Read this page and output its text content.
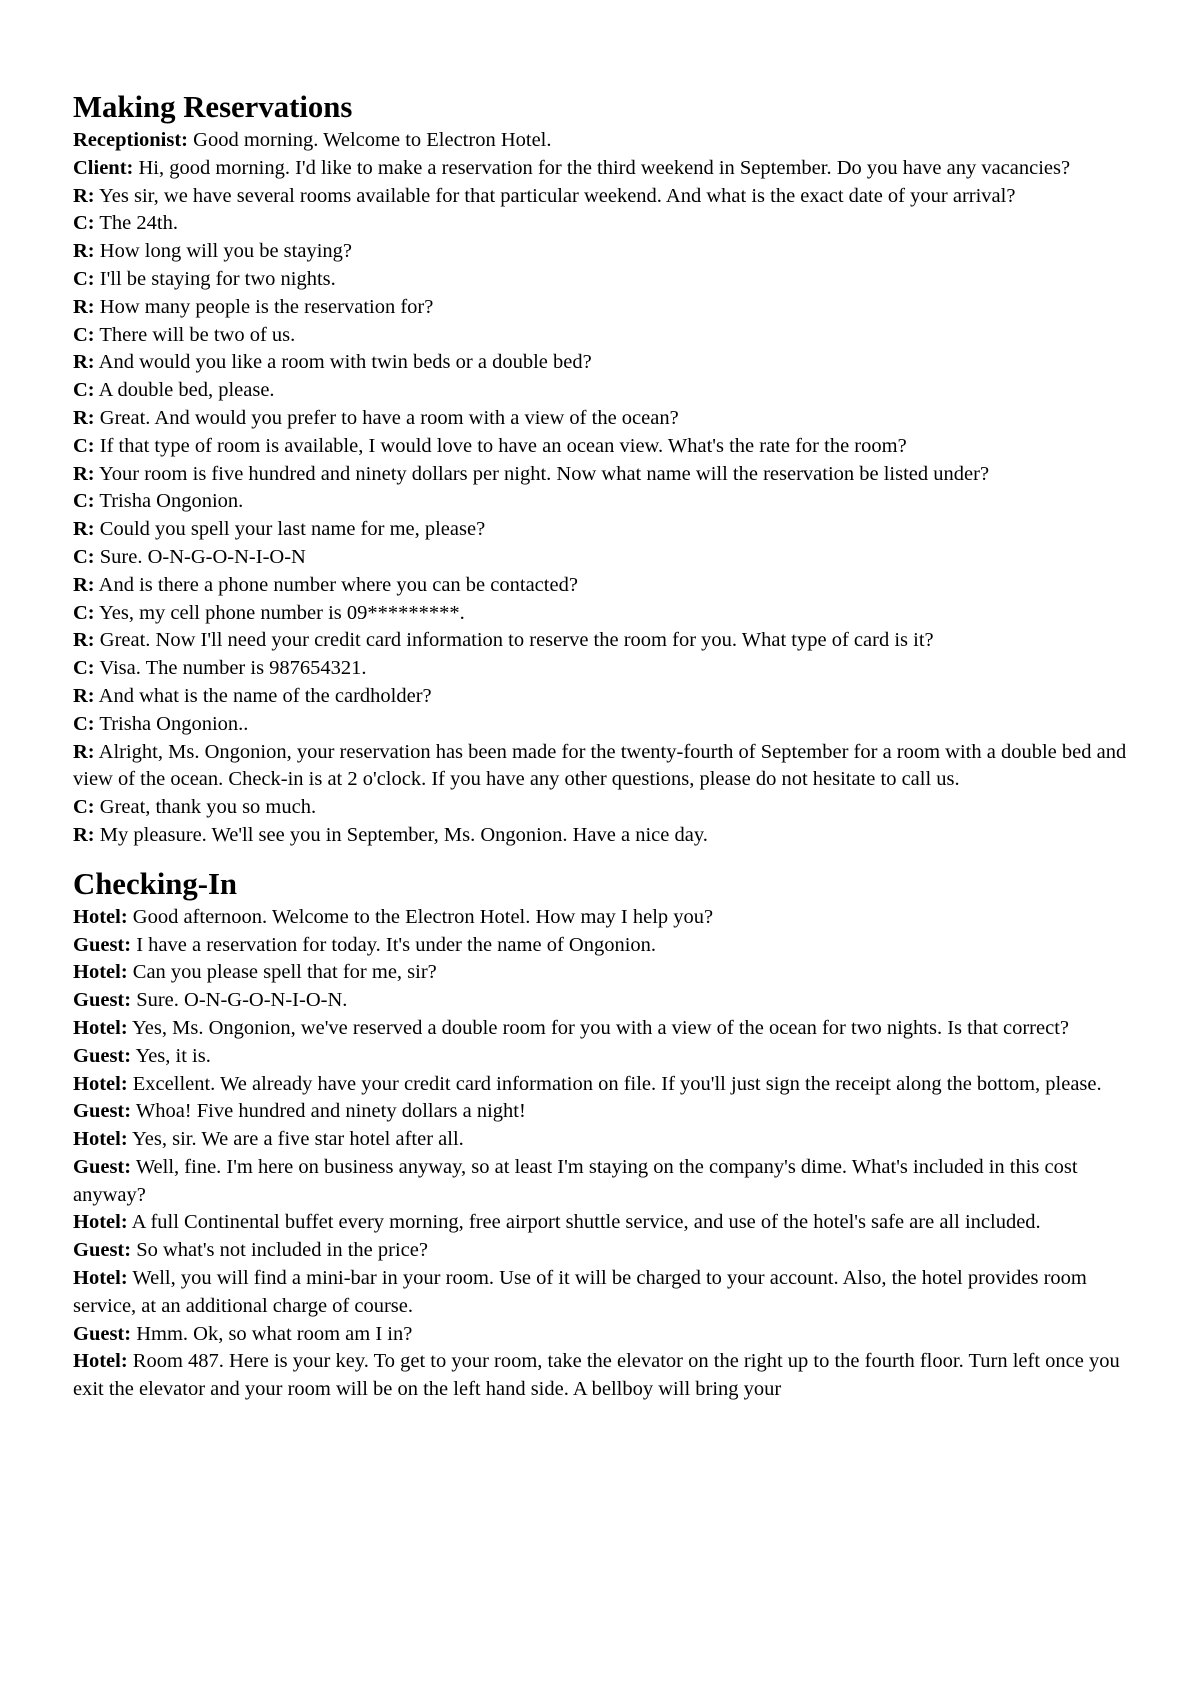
Making Reservations

Receptionist: Good morning. Welcome to Electron Hotel.

Client: Hi, good morning. I'd like to make a reservation for the third weekend in September. Do you have any vacancies?

R: Yes sir, we have several rooms available for that particular weekend. And what is the exact date of your arrival?

C: The 24th.

R: How long will you be staying?

C: I'll be staying for two nights.

R: How many people is the reservation for?

C: There will be two of us.

R: And would you like a room with twin beds or a double bed?

C: A double bed, please.

R: Great. And would you prefer to have a room with a view of the ocean?

C: If that type of room is available, I would love to have an ocean view. What's the rate for the room?

R: Your room is five hundred and ninety dollars per night. Now what name will the reservation be listed under?

C: Trisha Ongonion.

R: Could you spell your last name for me, please?

C: Sure. O-N-G-O-N-I-O-N

R: And is there a phone number where you can be contacted?

C: Yes, my cell phone number is 09*********.

R: Great. Now I'll need your credit card information to reserve the room for you. What type of card is it?

C: Visa. The number is 987654321.

R: And what is the name of the cardholder?

C: Trisha Ongonion..

R: Alright, Ms. Ongonion, your reservation has been made for the twenty-fourth of September for a room with a double bed and view of the ocean. Check-in is at 2 o'clock. If you have any other questions, please do not hesitate to call us.

C: Great, thank you so much.

R: My pleasure. We'll see you in September, Ms. Ongonion. Have a nice day.

Checking-In

Hotel: Good afternoon. Welcome to the Electron Hotel. How may I help you?

Guest: I have a reservation for today. It's under the name of Ongonion.

Hotel: Can you please spell that for me, sir?

Guest: Sure. O-N-G-O-N-I-O-N.

Hotel: Yes, Ms. Ongonion, we've reserved a double room for you with a view of the ocean for two nights. Is that correct?

Guest: Yes, it is.

Hotel: Excellent. We already have your credit card information on file. If you'll just sign the receipt along the bottom, please.

Guest: Whoa! Five hundred and ninety dollars a night!

Hotel: Yes, sir. We are a five star hotel after all.

Guest: Well, fine. I'm here on business anyway, so at least I'm staying on the company's dime. What's included in this cost anyway?

Hotel: A full Continental buffet every morning, free airport shuttle service, and use of the hotel's safe are all included.

Guest: So what's not included in the price?

Hotel: Well, you will find a mini-bar in your room. Use of it will be charged to your account. Also, the hotel provides room service, at an additional charge of course.

Guest: Hmm. Ok, so what room am I in?

Hotel: Room 487. Here is your key. To get to your room, take the elevator on the right up to the fourth floor. Turn left once you exit the elevator and your room will be on the left hand side. A bellboy will bring your
